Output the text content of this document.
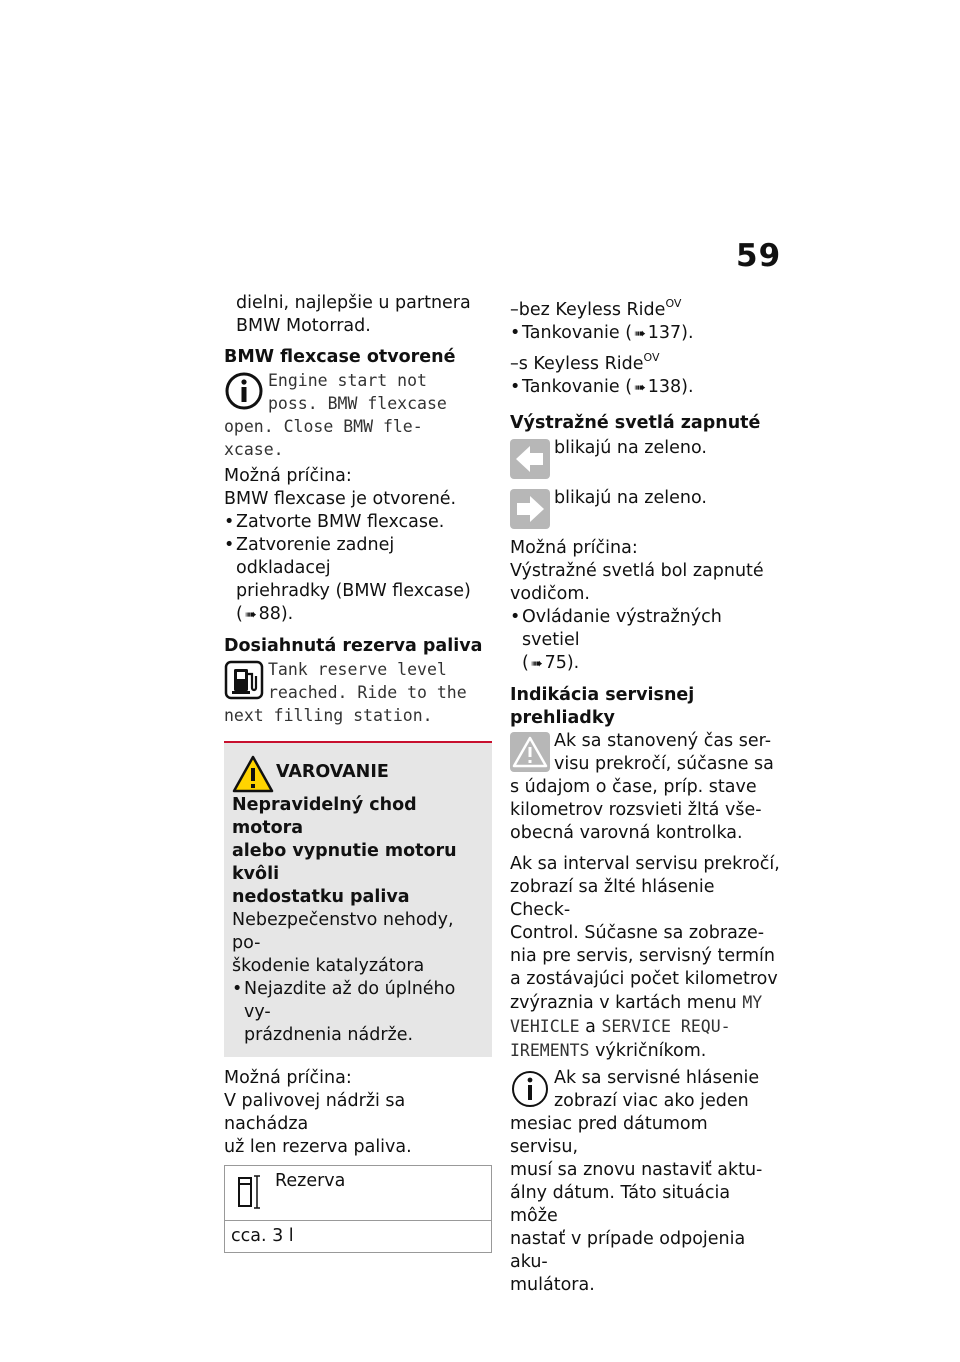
59

dielni, najlepšie u partnera

BMW Motorrad.

BMW flexcase otvorené

Engine start not

poss. BMW flexcase

open. Close BMW fle-

xcase.

Možná príčina:

BMW flexcase je otvorené.

• Zatvorte BMW flexcase.

• Zatvorenie zadnej odkladacej

priehradky (BMW flexcase)

( ➠ 88).

Dosiahnutá rezerva paliva

Tank reserve level

reached. Ride to the

next filling station.

VAROVANIE

Nepravidelný chod motora

alebo vypnutie motoru kvôli

nedostatku paliva

Nebezpečenstvo nehody, po-

škodenie katalyzátora

• Nejazdite až do úplného vy-

prázdnenia nádrže.

Možná príčina:

V palivovej nádrži sa nachádza

už len rezerva paliva.

Rezerva

cca. 3 l

–bez Keyless Ride$^{OV}$

• Tankovanie ( ➠ 137).

–s Keyless Ride$^{OV}$

• Tankovanie ( ➠ 138).

Výstražné svetlá zapnuté

blikajú na zeleno.

blikajú na zeleno.

Možná príčina:

Výstražné svetlá bol zapnuté

vodičom.

• Ovládanie výstražných svetiel

( ➠ 75).

Indikácia servisnej prehliadky

Ak sa stanovený čas ser-

visu prekročí, súčasne sa

s údajom o čase, príp. stave

kilometrov rozsvieti žltá vše-

obecná varovná kontrolka.

Ak sa interval servisu prekročí,

zobrazí sa žlté hlásenie Check-

Control. Súčasne sa zobraze-

nia pre servis, servisný termín

a zostávajúci počet kilometrov

zvýraznia v kartách menu MY

VEHICLE a SERVICE REQU-

IREMENTS výkričníkom.

Ak sa servisné hlásenie

zobrazí viac ako jeden

mesiac pred dátumom servisu,

musí sa znovu nastaviť aktu-

álny dátum. Táto situácia môže

nastať v prípade odpojenia aku-

mulátora.
